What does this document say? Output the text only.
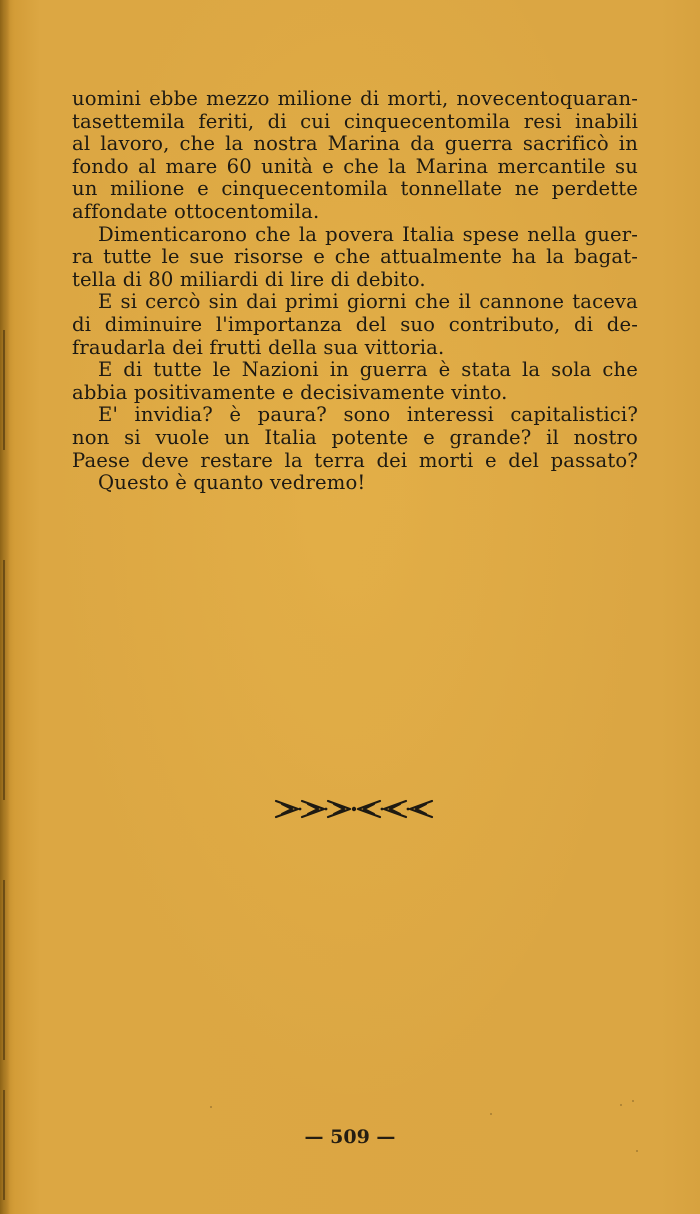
uomini ebbe mezzo milione di morti, novecentoquaran-
tasettemila feriti, di cui cinquecentomila resi inabili
al lavoro, che la nostra Marina da guerra sacrificò in
fondo al mare 60 unità e che la Marina mercantile su
un milione e cinquecentomila tonnellate ne perdette
affondate ottocentomila.

Dimenticarono che la povera Italia spese nella guer-
ra tutte le sue risorse e che attualmente ha la bagat-
tella di 80 miliardi di lire di debito.

E si cercò sin dai primi giorni che il cannone taceva
di diminuire l'importanza del suo contributo, di de-
fraudarla dei frutti della sua vittoria.

E di tutte le Nazioni in guerra è stata la sola che
abbia positivamente e decisivamente vinto.

E' invidia? è paura? sono interessi capitalistici?
non si vuole un Italia potente e grande? il nostro
Paese deve restare la terra dei morti e del passato?

Questo è quanto vedremo!

— 509 —
